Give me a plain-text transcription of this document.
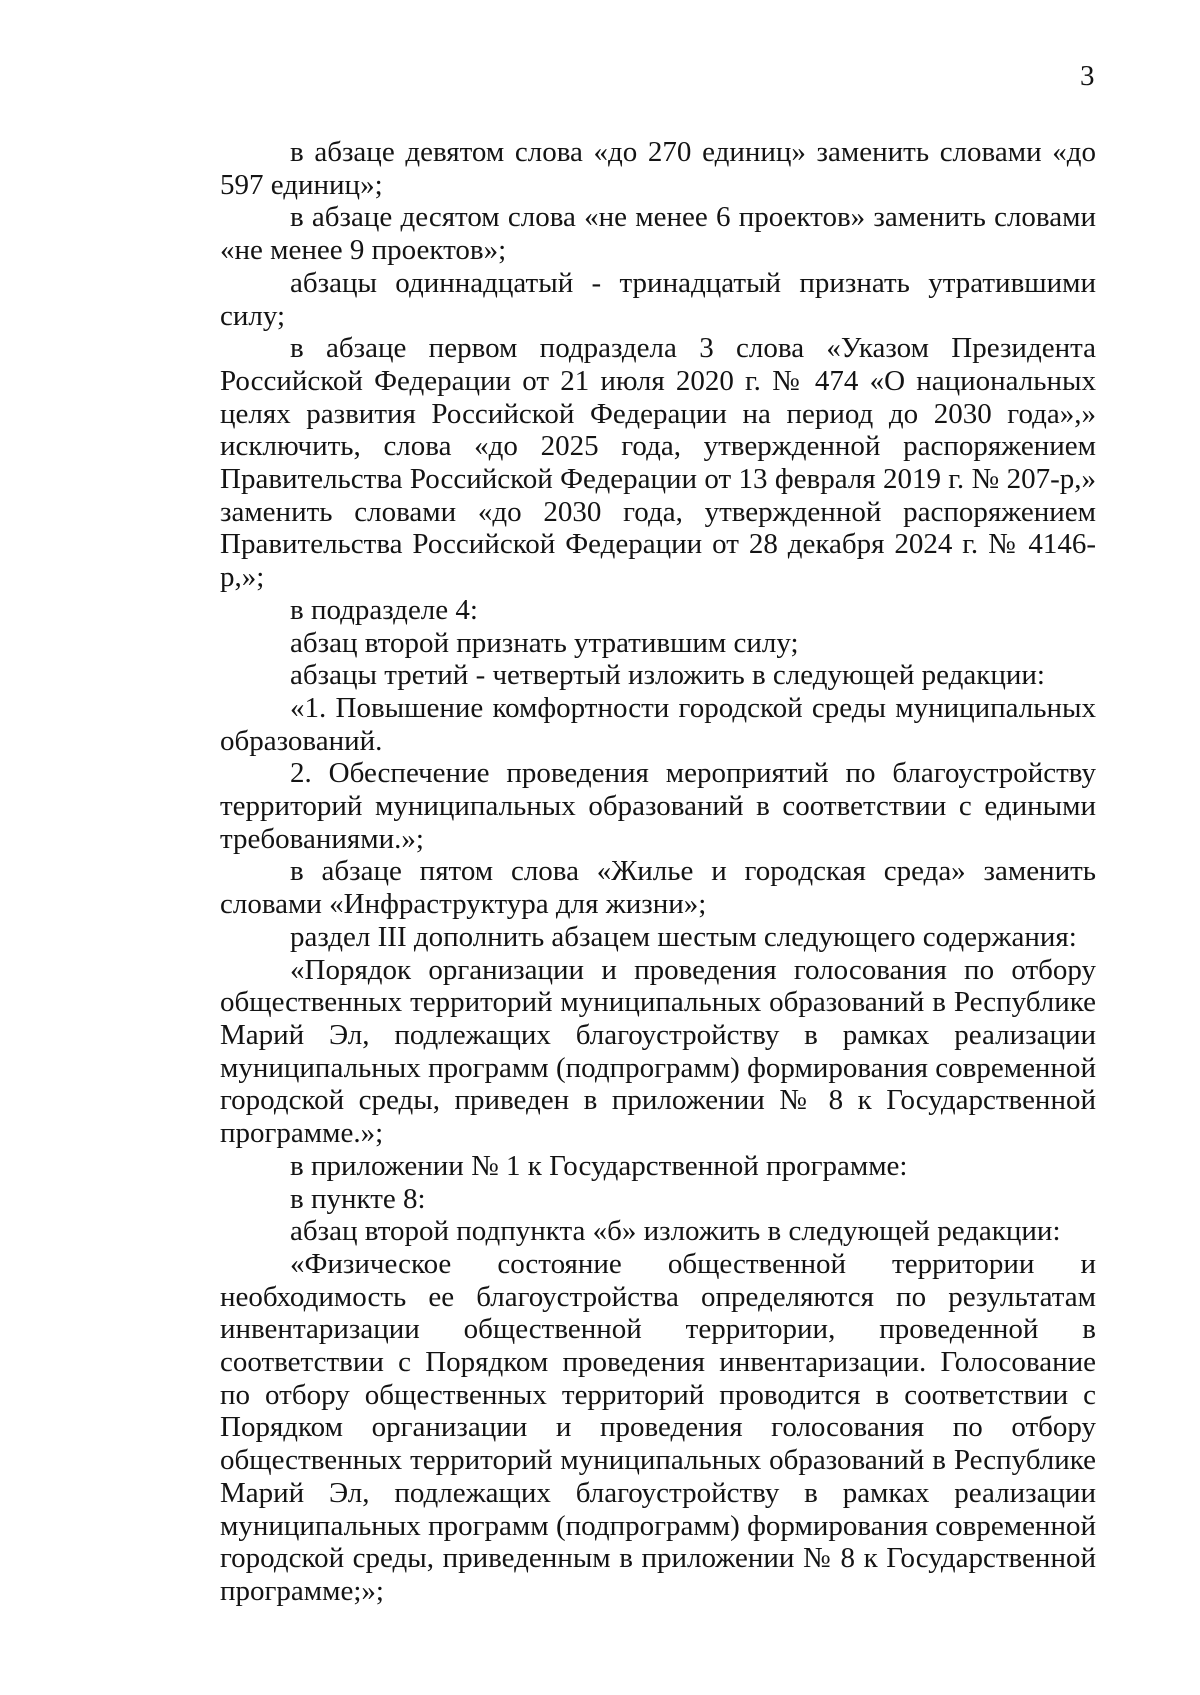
3

в абзаце девятом слова «до 270 единиц» заменить словами «до 597 единиц»;

в абзаце десятом слова «не менее 6 проектов» заменить словами «не менее 9 проектов»;

абзацы одиннадцатый - тринадцатый признать утратившими силу;

в абзаце первом подраздела 3 слова «Указом Президента Российской Федерации от 21 июля 2020 г. № 474 «О национальных целях развития Российской Федерации на период до 2030 года»,» исключить, слова «до 2025 года, утвержденной распоряжением Правительства Российской Федерации от 13 февраля 2019 г. № 207-р,» заменить словами «до 2030 года, утвержденной распоряжением Правительства Российской Федерации от 28 декабря 2024 г. № 4146-р,»;

в подразделе 4:

абзац второй признать утратившим силу;

абзацы третий - четвертый изложить в следующей редакции:

«1. Повышение комфортности городской среды муниципальных образований.

2. Обеспечение проведения мероприятий по благоустройству территорий муниципальных образований в соответствии с едиными требованиями.»;

в абзаце пятом слова «Жилье и городская среда» заменить словами «Инфраструктура для жизни»;

раздел III дополнить абзацем шестым следующего содержания:

«Порядок организации и проведения голосования по отбору общественных территорий муниципальных образований в Республике Марий Эл, подлежащих благоустройству в рамках реализации муниципальных программ (подпрограмм) формирования современной городской среды, приведен в приложении № 8 к Государственной программе.»;

в приложении № 1 к Государственной программе:

в пункте 8:

абзац второй подпункта «б» изложить в следующей редакции:

«Физическое состояние общественной территории и необходимость ее благоустройства определяются по результатам инвентаризации общественной территории, проведенной в соответствии с Порядком проведения инвентаризации. Голосование по отбору общественных территорий проводится в соответствии с Порядком организации и проведения голосования по отбору общественных территорий муниципальных образований в Республике Марий Эл, подлежащих благоустройству в рамках реализации муниципальных программ (подпрограмм) формирования современной городской среды, приведенным в приложении № 8 к Государственной программе;»;
